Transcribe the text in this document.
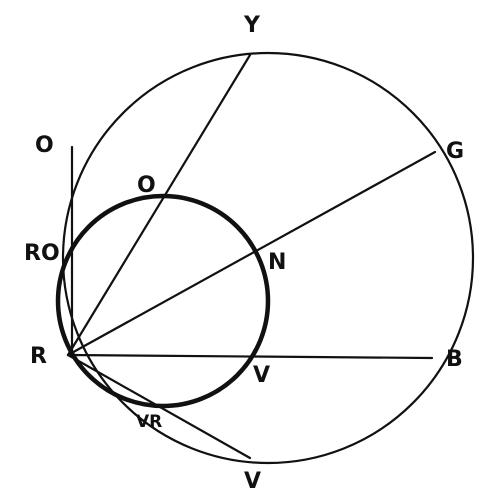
Y
G
O
O
RO	N
R	B
V
VR
V
